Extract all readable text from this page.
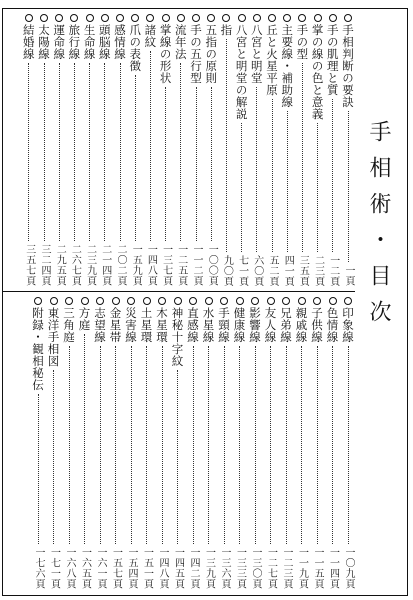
手相術・目次
手相判断の要訣
一頁
手の肌理と質
一二頁
掌の線の色と意義
二三頁
手の型
三五頁
主要線・補助線
四一頁
丘と火星平原
五二頁
八宮と明堂
六〇頁
八宮と明堂の解説
七一頁
指
九〇頁
五指の原則
一〇〇頁
手の五行型
一一二頁
流年法
一二五頁
掌線の形状
一三七頁
諸紋
一四八頁
爪の表徴
一五九頁
感情線
二〇二頁
頭脳線
二一四頁
生命線
二三九頁
旅行線
二六七頁
運命線
二九五頁
太陽線
三二四頁
結婚線
三五七頁
印象線
一〇九頁
色情線
一一四頁
子供線
一一五頁
親戚線
一一九頁
兄弟線
一二三頁
友人線
一二七頁
影響線
一三〇頁
健康線
一三三頁
手頸線
一三六頁
水星線
一三九頁
直感線
一四二頁
神秘十字紋
一四五頁
木星環
一四八頁
土星環
一五一頁
災害線
一五四頁
金星帯
一五七頁
志望線
一六一頁
方庭
一六五頁
三角庭
一六八頁
東洋手相図
一七一頁
附録・観相秘伝
一七六頁
